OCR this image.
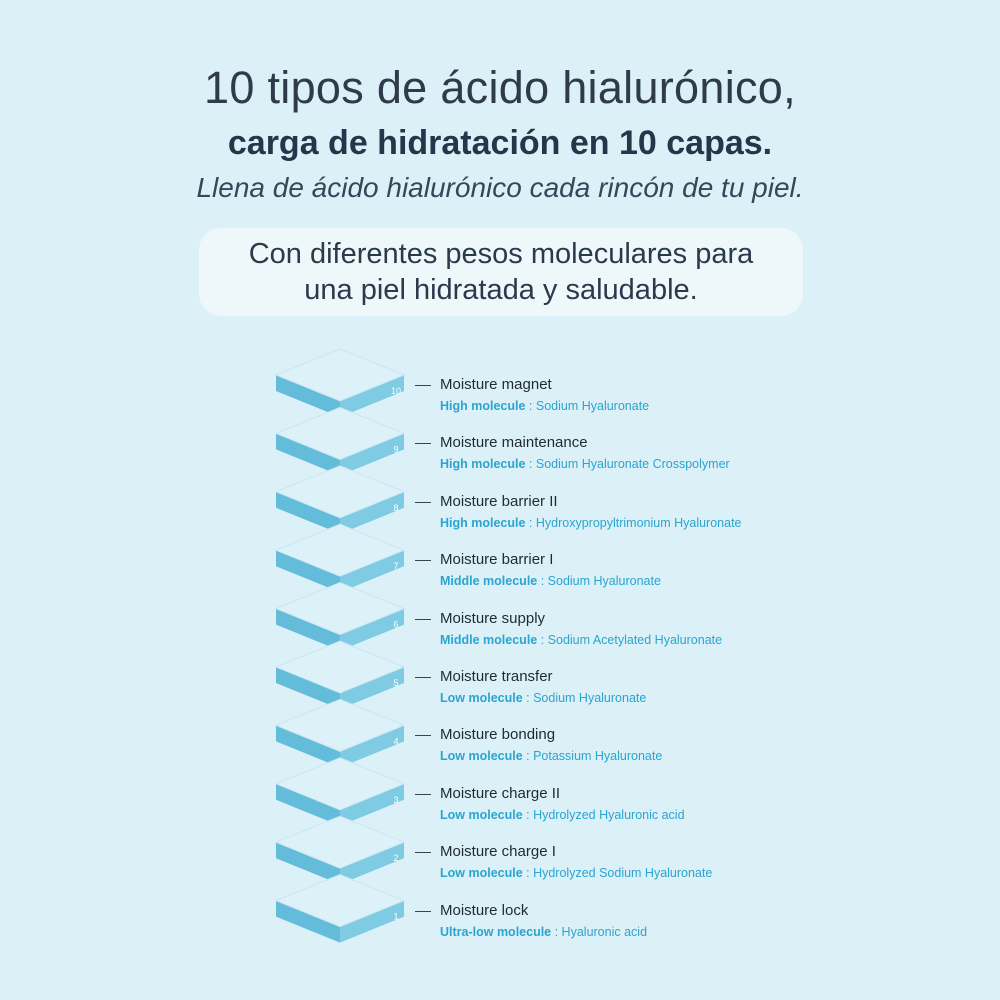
10 tipos de ácido hialurónico,
carga de hidratación en 10 capas.
Llena de ácido hialurónico cada rincón de tu piel.
Con diferentes pesos moleculares para
una piel hidratada y saludable.
10
9
8
7
6
5
4
3
2
1
Moisture magnet
High molecule : Sodium Hyaluronate
Moisture maintenance
High molecule : Sodium Hyaluronate Crosspolymer
Moisture barrier II
High molecule : Hydroxypropyltrimonium Hyaluronate
Moisture barrier I
Middle molecule : Sodium Hyaluronate
Moisture supply
Middle molecule : Sodium Acetylated Hyaluronate
Moisture transfer
Low molecule : Sodium Hyaluronate
Moisture bonding
Low molecule : Potassium Hyaluronate
Moisture charge II
Low molecule : Hydrolyzed Hyaluronic acid
Moisture charge I
Low molecule : Hydrolyzed Sodium Hyaluronate
Moisture lock
Ultra-low molecule : Hyaluronic acid
